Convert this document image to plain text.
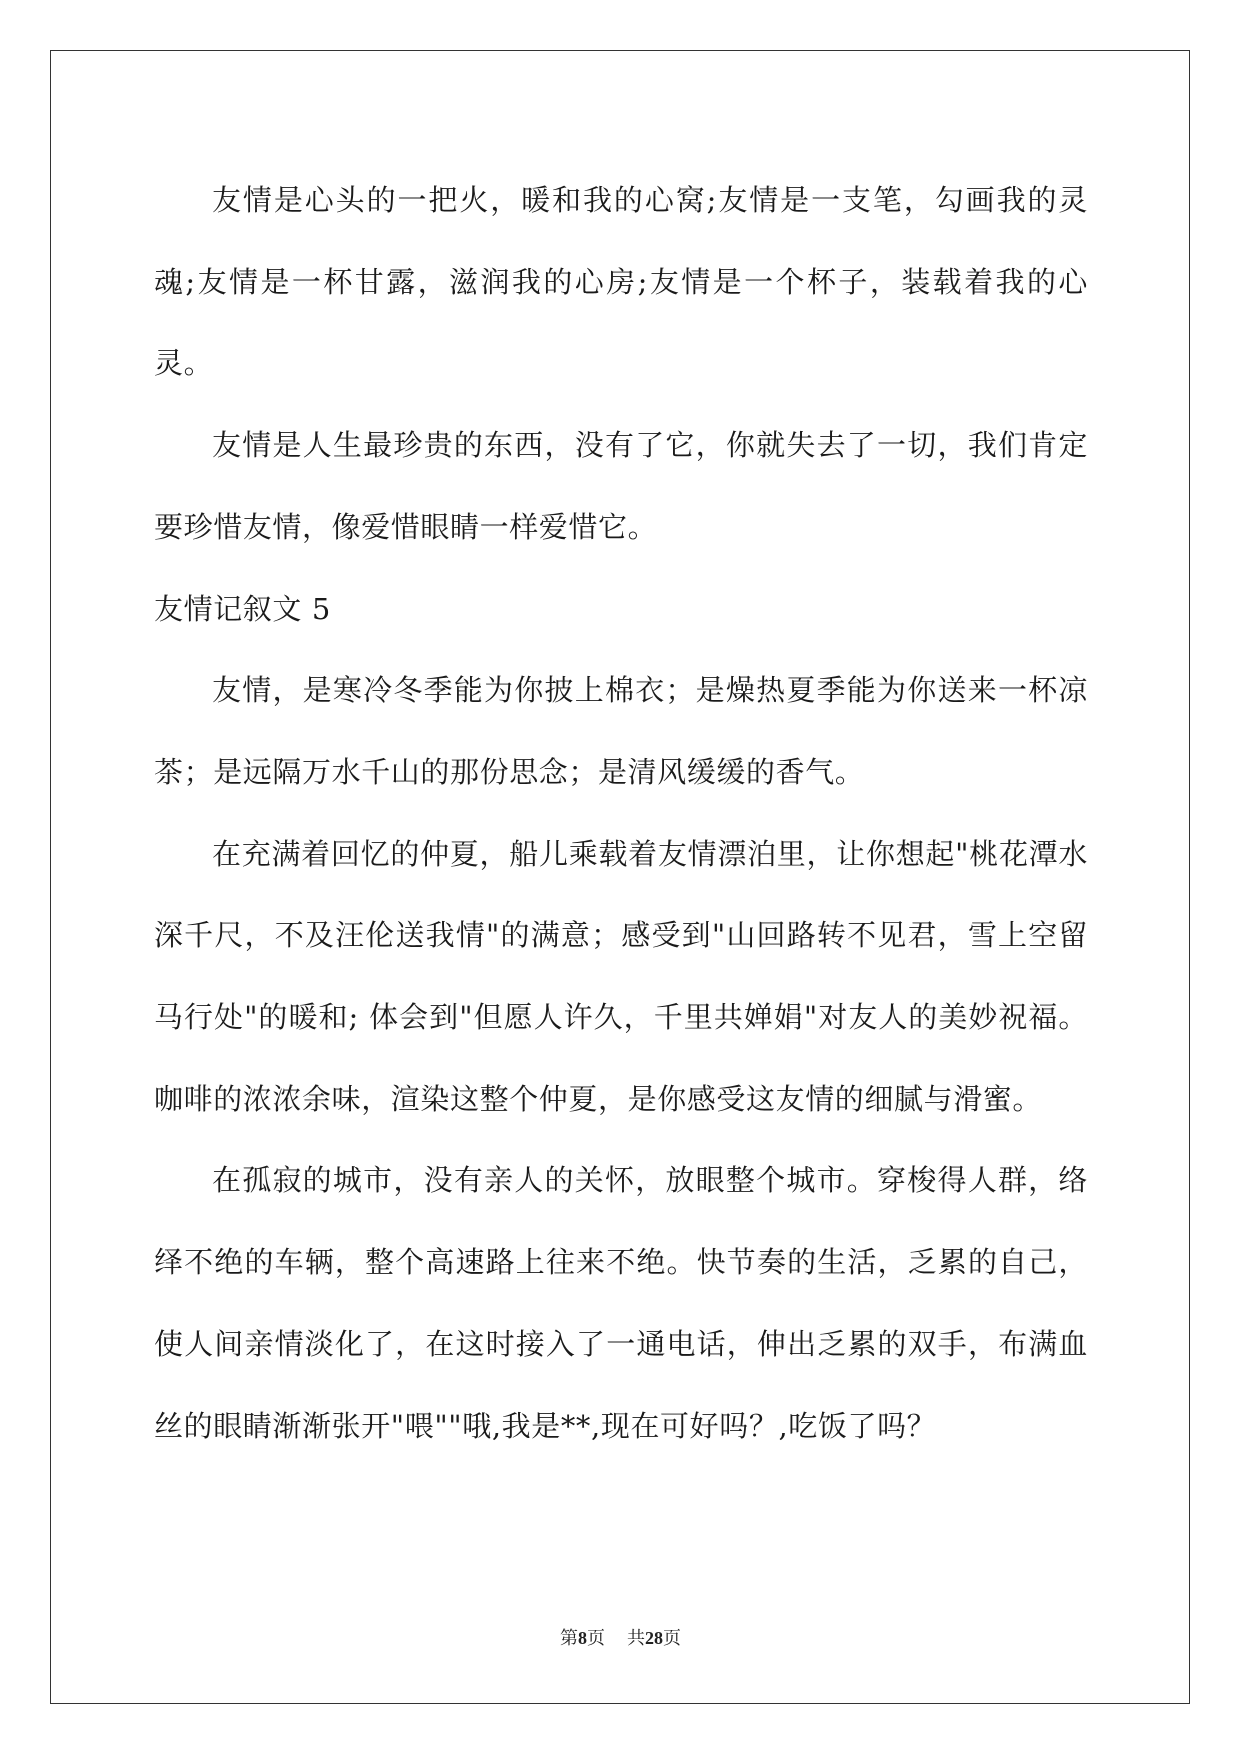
友情是心头的一把火，暖和我的心窝;友情是一支笔，勾画我的灵魂;友情是一杯甘露，滋润我的心房;友情是一个杯子，装载着我的心灵。

友情是人生最珍贵的东西，没有了它，你就失去了一切，我们肯定要珍惜友情，像爱惜眼睛一样爱惜它。

友情记叙文 5

友情，是寒冷冬季能为你披上棉衣；是燥热夏季能为你送来一杯凉茶；是远隔万水千山的那份思念；是清风缓缓的香气。

在充满着回忆的仲夏，船儿乘载着友情漂泊里，让你想起"桃花潭水深千尺，不及汪伦送我情"的满意；感受到"山回路转不见君，雪上空留马行处"的暖和; 体会到"但愿人许久，千里共婵娟"对友人的美妙祝福。咖啡的浓浓余味，渲染这整个仲夏，是你感受这友情的细腻与滑蜜。

在孤寂的城市，没有亲人的关怀，放眼整个城市。穿梭得人群，络绎不绝的车辆，整个高速路上往来不绝。快节奏的生活，乏累的自己，使人间亲情淡化了，在这时接入了一通电话，伸出乏累的双手，布满血丝的眼睛渐渐张开"喂""哦,我是**,现在可好吗？,吃饭了吗？

第8页 共28页
